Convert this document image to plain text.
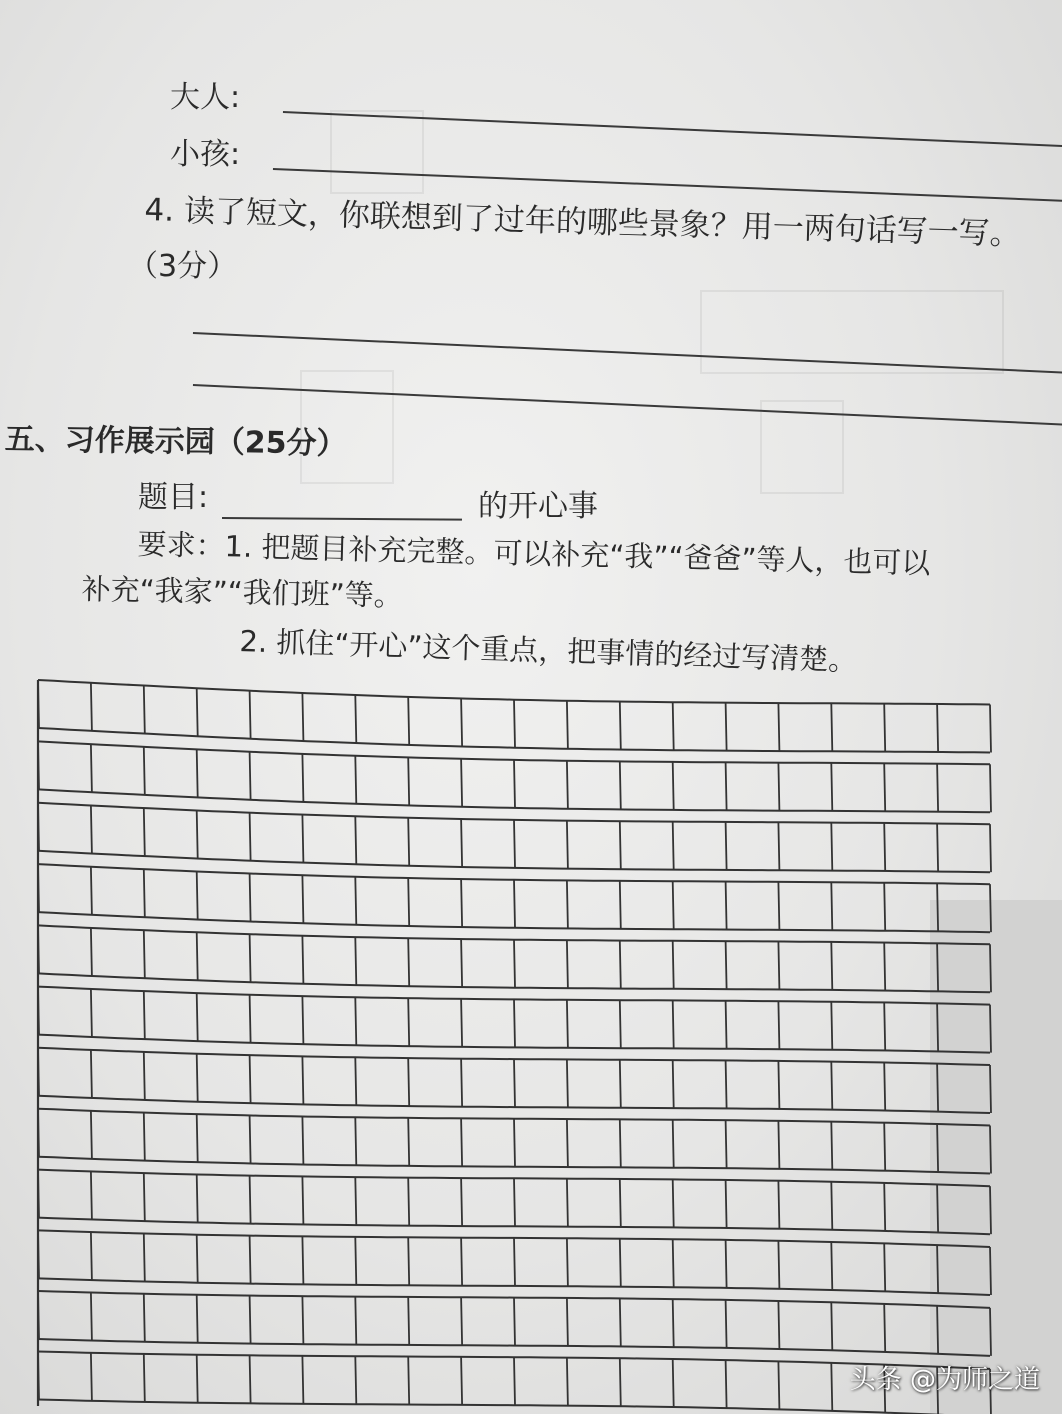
大人:
小孩:
4. 读了短文，你联想到了过年的哪些景象？用一两句话写一写。
（3分）
五、习作展示园（25分）
题目:	的开心事
要求：1. 把题目补充完整。可以补充“我”“爸爸”等人，也可以
补充“我家”“我们班”等。
2. 抓住“开心”这个重点，把事情的经过写清楚。
头条 @为师之道
